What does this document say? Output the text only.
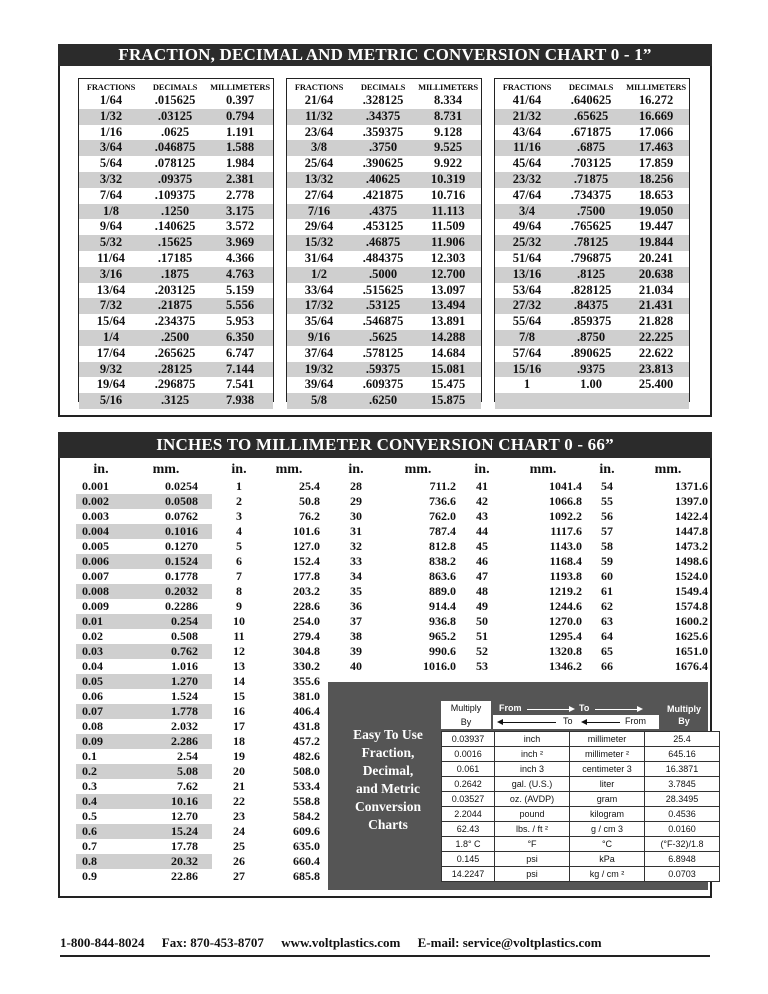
FRACTION, DECIMAL AND METRIC CONVERSION CHART 0 - 1”
FRACTIONS	DECIMALS	MILLIMETERS
1/64	.015625	0.397
1/32	.03125	0.794
1/16	.0625	1.191
3/64	.046875	1.588
5/64	.078125	1.984
3/32	.09375	2.381
7/64	.109375	2.778
1/8	.1250	3.175
9/64	.140625	3.572
5/32	.15625	3.969
11/64	.17185	4.366
3/16	.1875	4.763
13/64	.203125	5.159
7/32	.21875	5.556
15/64	.234375	5.953
1/4	.2500	6.350
17/64	.265625	6.747
9/32	.28125	7.144
19/64	.296875	7.541
5/16	.3125	7.938
FRACTIONS	DECIMALS	MILLIMETERS
21/64	.328125	8.334
11/32	.34375	8.731
23/64	.359375	9.128
3/8	.3750	9.525
25/64	.390625	9.922
13/32	.40625	10.319
27/64	.421875	10.716
7/16	.4375	11.113
29/64	.453125	11.509
15/32	.46875	11.906
31/64	.484375	12.303
1/2	.5000	12.700
33/64	.515625	13.097
17/32	.53125	13.494
35/64	.546875	13.891
9/16	.5625	14.288
37/64	.578125	14.684
19/32	.59375	15.081
39/64	.609375	15.475
5/8	.6250	15.875
FRACTIONS	DECIMALS	MILLIMETERS
41/64	.640625	16.272
21/32	.65625	16.669
43/64	.671875	17.066
11/16	.6875	17.463
45/64	.703125	17.859
23/32	.71875	18.256
47/64	.734375	18.653
3/4	.7500	19.050
49/64	.765625	19.447
25/32	.78125	19.844
51/64	.796875	20.241
13/16	.8125	20.638
53/64	.828125	21.034
27/32	.84375	21.431
55/64	.859375	21.828
7/8	.8750	22.225
57/64	.890625	22.622
15/16	.9375	23.813
1	1.00	25.400

INCHES TO MILLIMETER CONVERSION CHART 0 - 66”
in.	mm.
0.001	0.0254
0.002	0.0508
0.003	0.0762
0.004	0.1016
0.005	0.1270
0.006	0.1524
0.007	0.1778
0.008	0.2032
0.009	0.2286
0.01	0.254
0.02	0.508
0.03	0.762
0.04	1.016
0.05	1.270
0.06	1.524
0.07	1.778
0.08	2.032
0.09	2.286
0.1	2.54
0.2	5.08
0.3	7.62
0.4	10.16
0.5	12.70
0.6	15.24
0.7	17.78
0.8	20.32
0.9	22.86
in. mm.
1	25.4
2	50.8
3	76.2
4	101.6
5	127.0
6	152.4
7	177.8
8	203.2
9	228.6
10	254.0
11	279.4
12	304.8
13	330.2
14	355.6
15	381.0
16	406.4
17	431.8
18	457.2
19	482.6
20	508.0
21	533.4
22	558.8
23	584.2
24	609.6
25	635.0
26	660.4
27	685.8
in.	mm.
28	711.2
29	736.6
30	762.0
31	787.4
32	812.8
33	838.2
34	863.6
35	889.0
36	914.4
37	936.8
38	965.2
39	990.6
40	1016.0
in.	mm.
41	1041.4
42	1066.8
43	1092.2
44	1117.6
45	1143.0
46	1168.4
47	1193.8
48	1219.2
49	1244.6
50	1270.0
51	1295.4
52	1320.8
53	1346.2
in.	mm.
54	1371.6
55	1397.0
56	1422.4
57	1447.8
58	1473.2
59	1498.6
60	1524.0
61	1549.4
62	1574.8
63	1600.2
64	1625.6
65	1651.0
66	1676.4
Easy To Use
Fraction,
Decimal,
and Metric
Conversion
Charts
Multiply
By
From	To	Multiply
By
To	From
0.03937	inch	millimeter	25.4
0.0016	inch ²	millimeter ²	645.16
0.061	inch 3	centimeter 3	16.3871
0.2642	gal. (U.S.)	liter	3.7845
0.03527	oz. (AVDP)	gram	28.3495
2.2044	pound	kilogram	0.4536
62.43	lbs. / ft ²	g / cm 3	0.0160
1.8° C	°F	°C	(°F-32)/1.8
0.145	psi	kPa	6.8948
14.2247	psi	kg / cm ²	0.0703
1-800-844-8024 Fax: 870-453-8707 www.voltplastics.com E-mail: service@voltplastics.com
